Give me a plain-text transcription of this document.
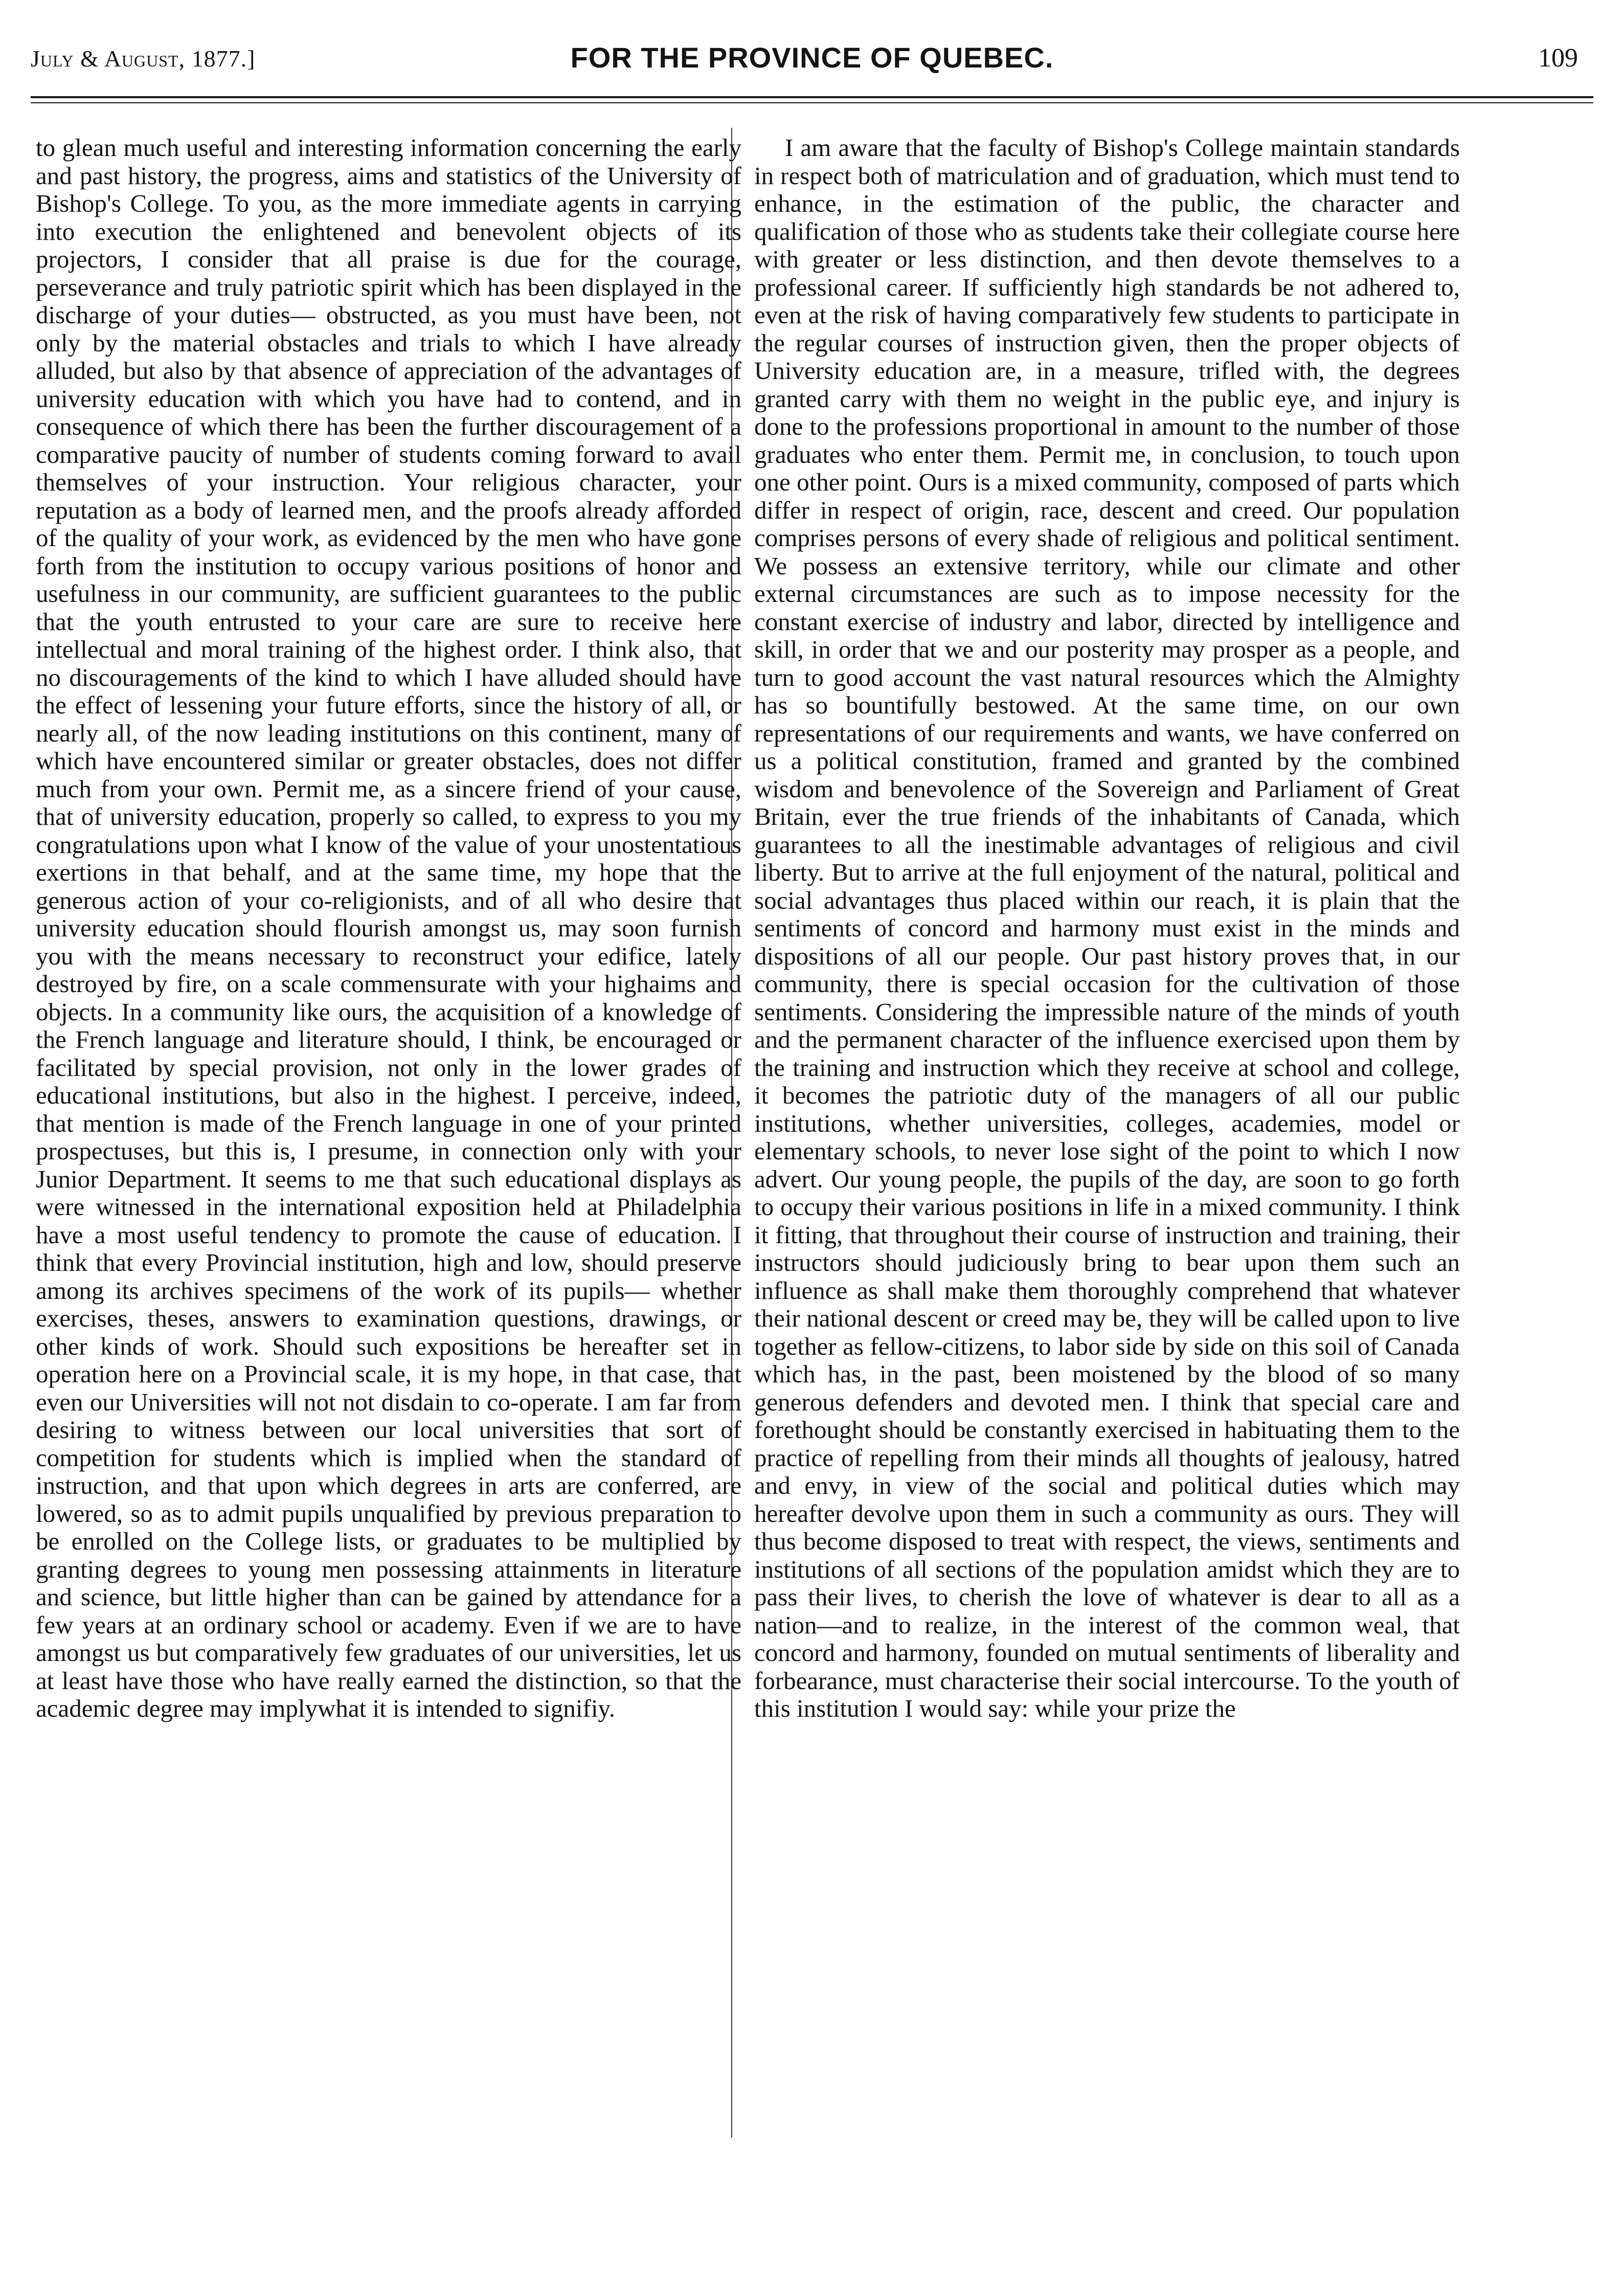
July & August, 1877.]	FOR THE PROVINCE OF QUEBEC.	109

to glean much useful and interesting information concerning the early and past history, the progress, aims and statistics of the University of Bishop's College. To you, as the more immediate agents in carrying into execution the enlightened and benevolent objects of its projectors, I consider that all praise is due for the courage, perseverance and truly patriotic spirit which has been displayed in the discharge of your duties— obstructed, as you must have been, not only by the material obstacles and trials to which I have already alluded, but also by that absence of appreciation of the advantages of university education with which you have had to contend, and in consequence of which there has been the further discouragement of a comparative paucity of number of students coming forward to avail themselves of your instruction. Your religious character, your reputation as a body of learned men, and the proofs already afforded of the quality of your work, as evidenced by the men who have gone forth from the institution to occupy various positions of honor and usefulness in our community, are sufficient guarantees to the public that the youth entrusted to your care are sure to receive here intellectual and moral training of the highest order. I think also, that no discouragements of the kind to which I have alluded should have the effect of lessening your future efforts, since the history of all, or nearly all, of the now leading institutions on this continent, many of which have encountered similar or greater obstacles, does not differ much from your own. Permit me, as a sincere friend of your cause, that of university education, properly so called, to express to you my congratulations upon what I know of the value of your unostentatious exertions in that behalf, and at the same time, my hope that the generous action of your co-religionists, and of all who desire that university education should flourish amongst us, may soon furnish you with the means necessary to reconstruct your edifice, lately destroyed by fire, on a scale commensurate with your highaims and objects. In a community like ours, the acquisition of a knowledge of the French language and literature should, I think, be encouraged or facilitated by special provision, not only in the lower grades of educational institutions, but also in the highest. I perceive, indeed, that mention is made of the French language in one of your printed prospectuses, but this is, I presume, in connection only with your Junior Department. It seems to me that such educational displays as were witnessed in the international exposition held at Philadelphia have a most useful tendency to promote the cause of education. I think that every Provincial institution, high and low, should preserve among its archives specimens of the work of its pupils— whether exercises, theses, answers to examination questions, drawings, or other kinds of work. Should such expositions be hereafter set in operation here on a Provincial scale, it is my hope, in that case, that even our Universities will not not disdain to co-operate. I am far from desiring to witness between our local universities that sort of competition for students which is implied when the standard of instruction, and that upon which degrees in arts are conferred, are lowered, so as to admit pupils unqualified by previous preparation to be enrolled on the College lists, or graduates to be multiplied by granting degrees to young men possessing attainments in literature and science, but little higher than can be gained by attendance for a few years at an ordinary school or academy. Even if we are to have amongst us but comparatively few graduates of our universities, let us at least have those who have really earned the distinction, so that the academic degree may implywhat it is intended to signifiy.

I am aware that the faculty of Bishop's College maintain standards in respect both of matriculation and of graduation, which must tend to enhance, in the estimation of the public, the character and qualification of those who as students take their collegiate course here with greater or less distinction, and then devote themselves to a professional career. If sufficiently high standards be not adhered to, even at the risk of having comparatively few students to participate in the regular courses of instruction given, then the proper objects of University education are, in a measure, trifled with, the degrees granted carry with them no weight in the public eye, and injury is done to the professions proportional in amount to the number of those graduates who enter them. Permit me, in conclusion, to touch upon one other point. Ours is a mixed community, composed of parts which differ in respect of origin, race, descent and creed. Our population comprises persons of every shade of religious and political sentiment. We possess an extensive territory, while our climate and other external circumstances are such as to impose necessity for the constant exercise of industry and labor, directed by intelligence and skill, in order that we and our posterity may prosper as a people, and turn to good account the vast natural resources which the Almighty has so bountifully bestowed. At the same time, on our own representations of our requirements and wants, we have conferred on us a political constitution, framed and granted by the combined wisdom and benevolence of the Sovereign and Parliament of Great Britain, ever the true friends of the inhabitants of Canada, which guarantees to all the inestimable advantages of religious and civil liberty. But to arrive at the full enjoyment of the natural, political and social advantages thus placed within our reach, it is plain that the sentiments of concord and harmony must exist in the minds and dispositions of all our people. Our past history proves that, in our community, there is special occasion for the cultivation of those sentiments. Considering the impressible nature of the minds of youth and the permanent character of the influence exercised upon them by the training and instruction which they receive at school and college, it becomes the patriotic duty of the managers of all our public institutions, whether universities, colleges, academies, model or elementary schools, to never lose sight of the point to which I now advert. Our young people, the pupils of the day, are soon to go forth to occupy their various positions in life in a mixed community. I think it fitting, that throughout their course of instruction and training, their instructors should judiciously bring to bear upon them such an influence as shall make them thoroughly comprehend that whatever their national descent or creed may be, they will be called upon to live together as fellow-citizens, to labor side by side on this soil of Canada which has, in the past, been moistened by the blood of so many generous defenders and devoted men. I think that special care and forethought should be constantly exercised in habituating them to the practice of repelling from their minds all thoughts of jealousy, hatred and envy, in view of the social and political duties which may hereafter devolve upon them in such a community as ours. They will thus become disposed to treat with respect, the views, sentiments and institutions of all sections of the population amidst which they are to pass their lives, to cherish the love of whatever is dear to all as a nation—and to realize, in the interest of the common weal, that concord and harmony, founded on mutual sentiments of liberality and forbearance, must characterise their social intercourse. To the youth of this institution I would say: while your prize the
